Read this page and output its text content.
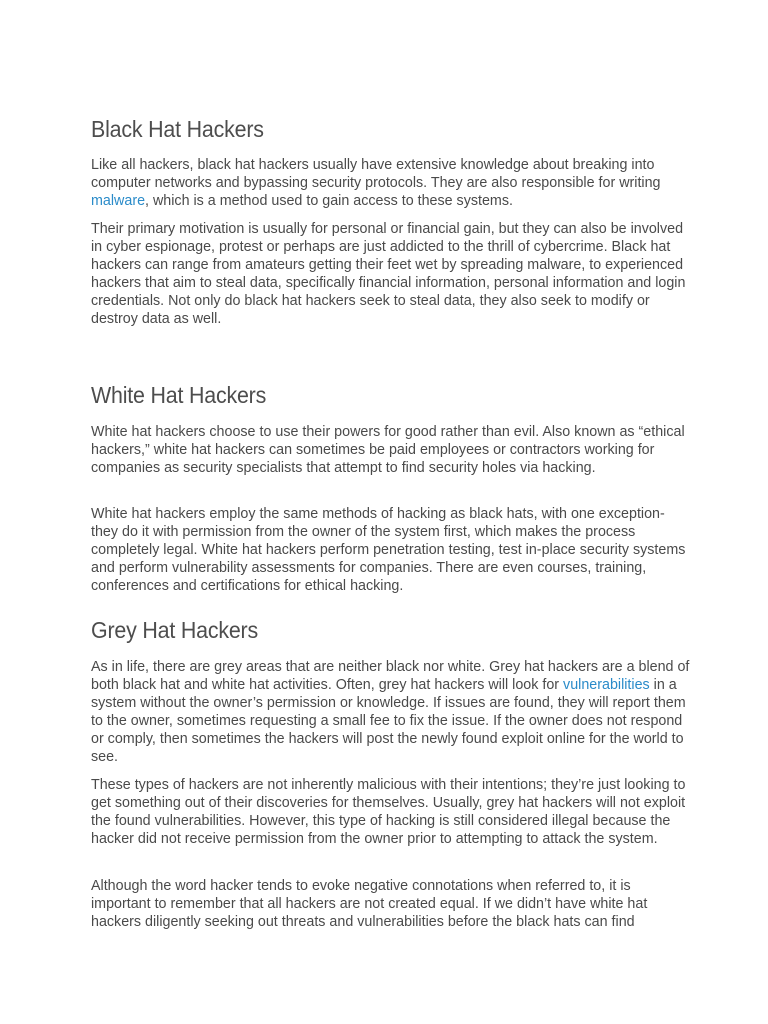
Black Hat Hackers

Like all hackers, black hat hackers usually have extensive knowledge about breaking into computer networks and bypassing security protocols. They are also responsible for writing malware, which is a method used to gain access to these systems.

Their primary motivation is usually for personal or financial gain, but they can also be involved in cyber espionage, protest or perhaps are just addicted to the thrill of cybercrime. Black hat hackers can range from amateurs getting their feet wet by spreading malware, to experienced hackers that aim to steal data, specifically financial information, personal information and login credentials. Not only do black hat hackers seek to steal data, they also seek to modify or destroy data as well.

White Hat Hackers

White hat hackers choose to use their powers for good rather than evil. Also known as “ethical hackers,” white hat hackers can sometimes be paid employees or contractors working for companies as security specialists that attempt to find security holes via hacking.

White hat hackers employ the same methods of hacking as black hats, with one exception- they do it with permission from the owner of the system first, which makes the process completely legal. White hat hackers perform penetration testing, test in-place security systems and perform vulnerability assessments for companies. There are even courses, training, conferences and certifications for ethical hacking.

Grey Hat Hackers

As in life, there are grey areas that are neither black nor white. Grey hat hackers are a blend of both black hat and white hat activities. Often, grey hat hackers will look for vulnerabilities in a system without the owner’s permission or knowledge. If issues are found, they will report them to the owner, sometimes requesting a small fee to fix the issue. If the owner does not respond or comply, then sometimes the hackers will post the newly found exploit online for the world to see.

These types of hackers are not inherently malicious with their intentions; they’re just looking to get something out of their discoveries for themselves. Usually, grey hat hackers will not exploit the found vulnerabilities. However, this type of hacking is still considered illegal because the hacker did not receive permission from the owner prior to attempting to attack the system.

Although the word hacker tends to evoke negative connotations when referred to, it is important to remember that all hackers are not created equal. If we didn’t have white hat hackers diligently seeking out threats and vulnerabilities before the black hats can find
